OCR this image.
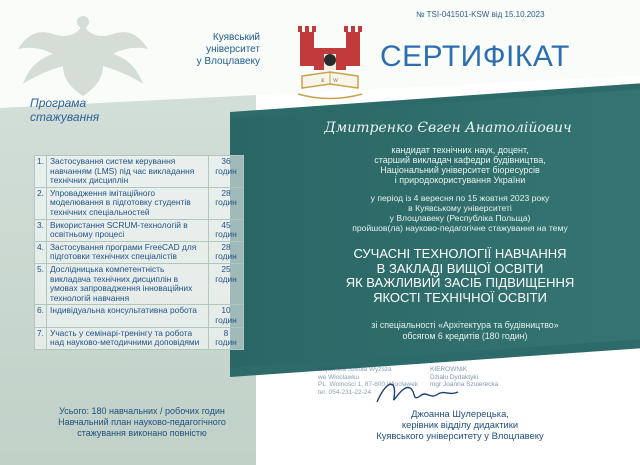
Куявський
університет
у Влоцлавеку
Програма
стажування
1.	Застосування систем керування навчанням (LMS) під час викладання технічних дисциплін	36
годин
2.	Упровадження імітаційного моделювання в підготовку студентів технічних спеціальностей	28
годин
3.	Використання SCRUM-технологій в освітньому процесі	45
годин
4.	Застосування програми FreeCAD для підготовки технічних спеціалістів	28
годин
5.	Дослідницька компетентність викладача технічних дисциплін в умовах запровадження інноваційних технологій навчання	25
годин
6.	Індивідуальна консультативна робота	10
годин
7.	Участь у семінарі-тренінгу та робота над науково-методичними доповідями	8
годин
Усього: 180 навчальних / робочих годин
Навчальний план науково-педагогічного
стажування виконано повністю
№ TSI-041501-KSW від 15.10.2023
K W
СЕРТИФІКАТ
Дмитренко Євген Анатолійович
кандидат технічних наук, доцент,
старший викладач кафедри будівництва,
Національний університет біоресурсів
і природокористування України
у період із 4 вересня по 15 жовтня 2023 року
в Куявському університеті
у Влоцлавеку (Республіка Польща)
пройшов(ла) науково-педагогічне стажування на тему
СУЧАСНІ ТЕХНОЛОГІЇ НАВЧАННЯ
В ЗАКЛАДІ ВИЩОЇ ОСВІТИ
ЯК ВАЖЛИВИЙ ЗАСІБ ПІДВИЩЕННЯ
ЯКОСТІ ТЕХНІЧНОЇ ОСВІТИ
зі спеціальності «Архітектура та будівництво»
обсягом 6 кредитів (180 годин)
Kujawska Szkoła Wyższa
we Włocławku
PL. Wolności 1, 87-800 Włocławek
tel. 054-231-22-24
KIEROWNIK
Działu Dydaktyki
mgr Joanna Szulerecka
Джоанна Шулерецька,
керівник відділу дидактики
Куявського університету у Влоцлавеку
